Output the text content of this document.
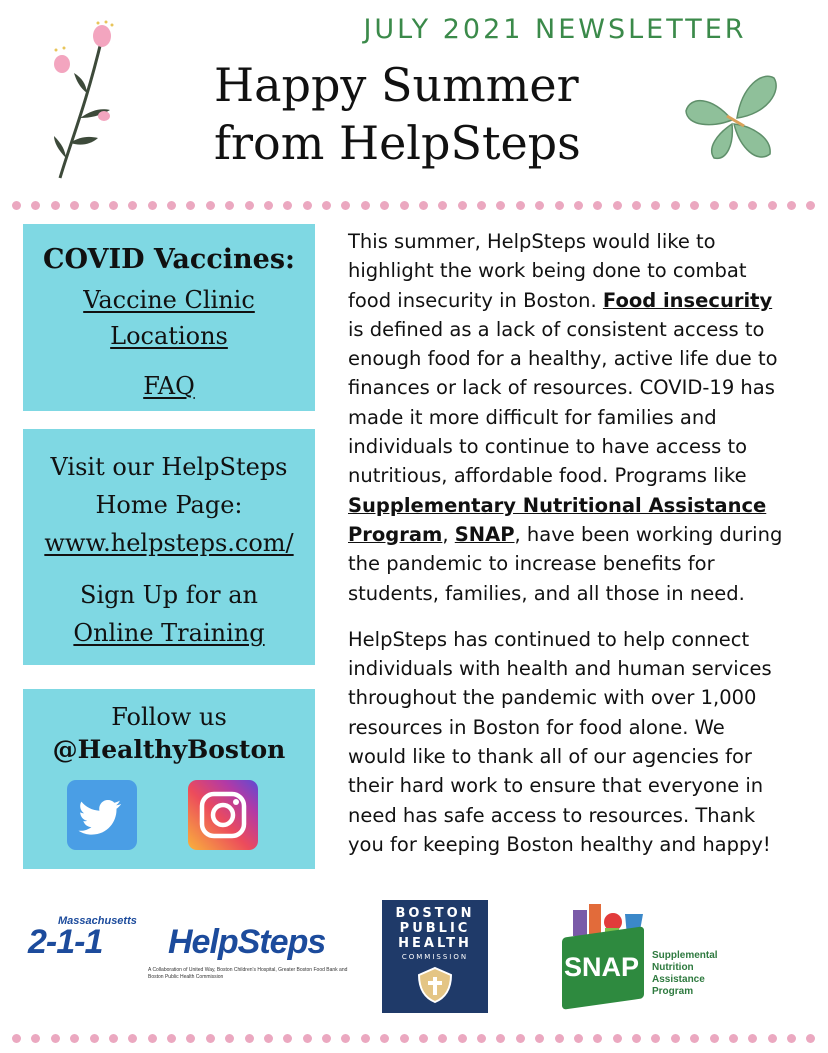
JULY 2021 NEWSLETTER
Happy Summer
from HelpSteps
COVID Vaccines:
Vaccine Clinic
Locations
FAQ
Visit our HelpSteps
Home Page:
www.helpsteps.com/
Sign Up for an
Online Training
Follow us
@HealthyBoston

This summer, HelpSteps would like to highlight the work being done to combat food insecurity in Boston. Food insecurity is defined as a lack of consistent access to enough food for a healthy, active life due to finances or lack of resources. COVID-19 has made it more difficult for families and individuals to continue to have access to nutritious, affordable food. Programs like Supplementary Nutritional Assistance Program, SNAP, have been working during the pandemic to increase benefits for students, families, and all those in need.

HelpSteps has continued to help connect individuals with health and human services throughout the pandemic with over 1,000 resources in Boston for food alone. We would like to thank all of our agencies for their hard work to ensure that everyone in need has safe access to resources. Thank you for keeping Boston healthy and happy!

Massachusetts
2-1-1 HelpSteps
A Collaboration of United Way, Boston Children's Hospital, Greater Boston Food Bank and Boston Public Health Commission
BOSTON
PUBLIC
HEALTH
COMMISSION	SNAP Supplemental
Nutrition
Assistance
Program
